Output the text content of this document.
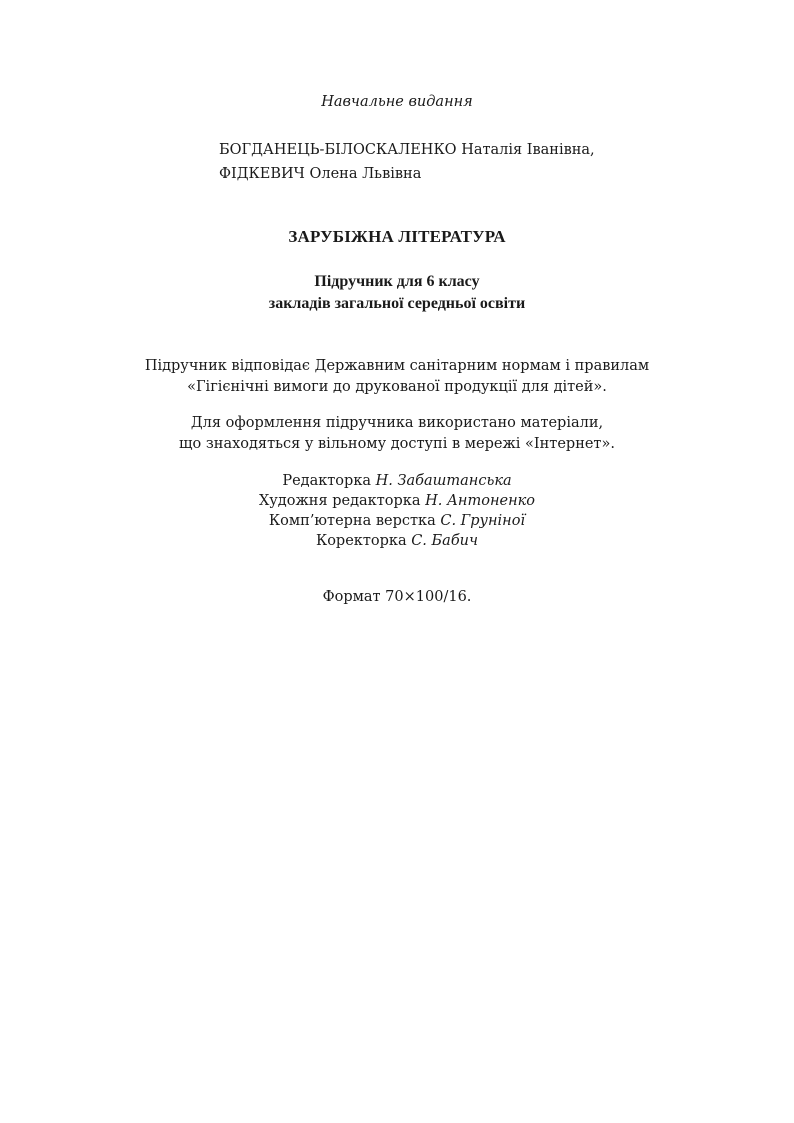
Навчальне видання
БОГДАНЕЦЬ-БІЛОСКАЛЕНКО Наталія Іванівна,
ФІДКЕВИЧ Олена Львівна
ЗАРУБІЖНА ЛІТЕРАТУРА
Підручник для 6 класу
закладів загальної середньої освіти
Підручник відповідає Державним санітарним нормам і правилам
«Гігієнічні вимоги до друкованої продукції для дітей».
Для оформлення підручника використано матеріали,
що знаходяться у вільному доступі в мережі «Інтернет».
Редакторка Н. Забаштанська
Художня редакторка Н. Антоненко
Комп’ютерна верстка С. Груніної
Коректорка С. Бабич
Формат 70×100/16.
